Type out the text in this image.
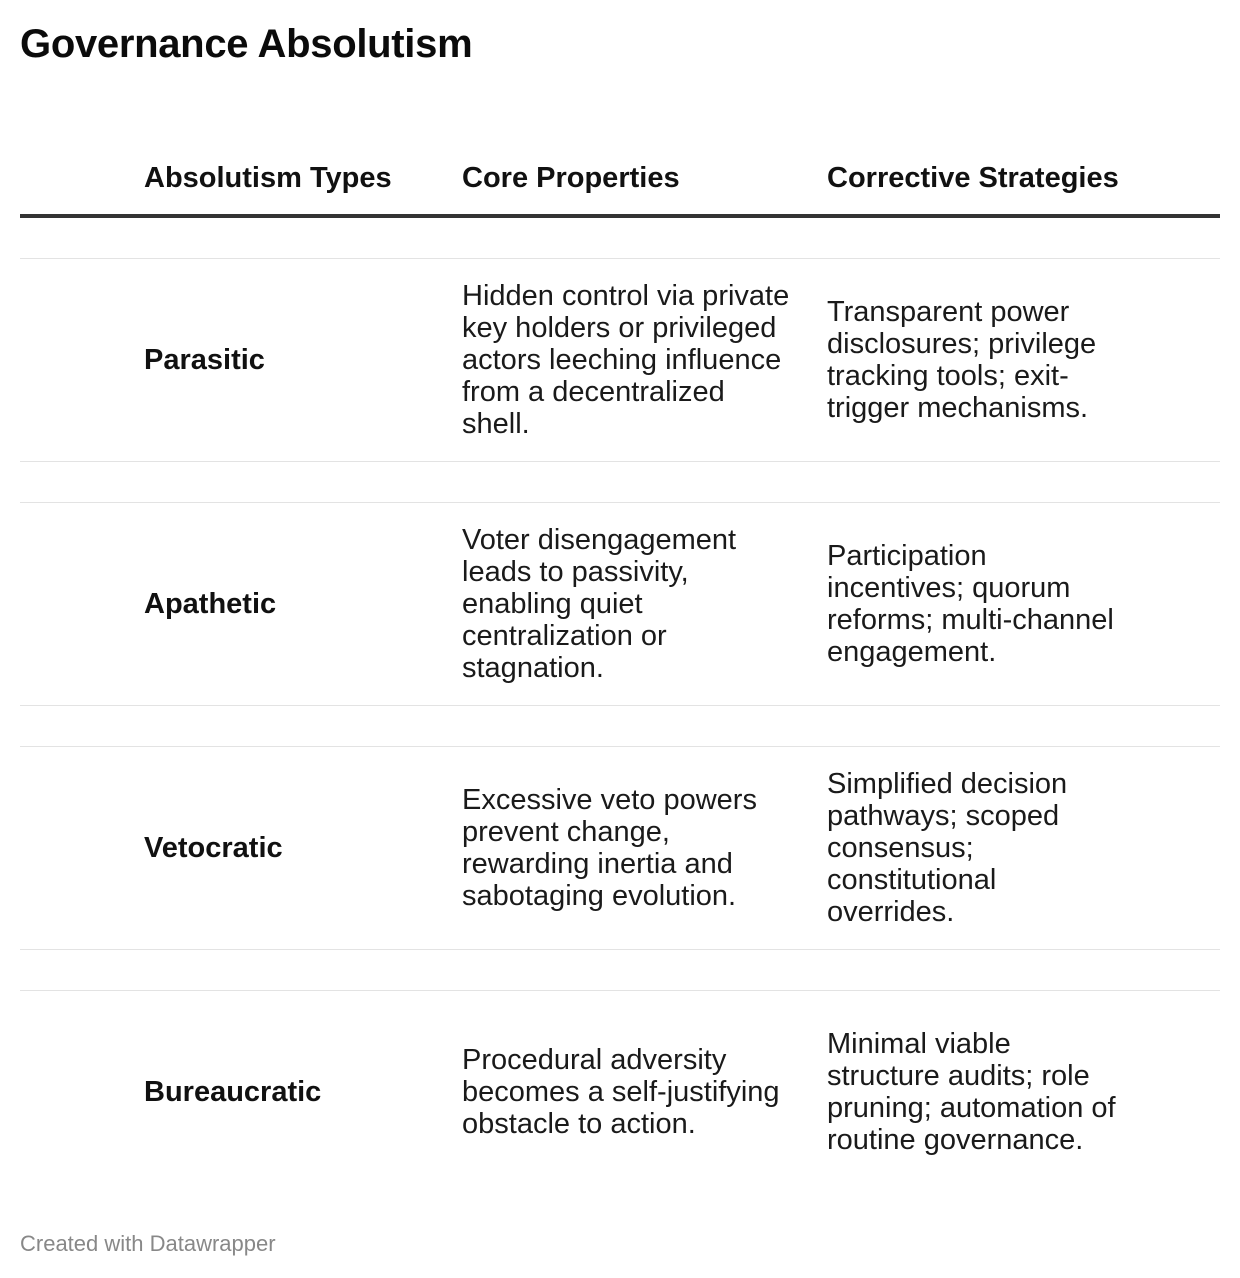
Governance Absolutism
Absolutism Types	Core Properties	Corrective Strategies
Parasitic
Hidden control via private key holders or privileged actors leeching influence from a decentralized shell.
Transparent power disclosures; privilege tracking tools; exit-trigger mechanisms.
Apathetic
Voter disengagement leads to passivity, enabling quiet centralization or stagnation.
Participation incentives; quorum reforms; multi-channel engagement.
Vetocratic
Excessive veto powers prevent change, rewarding inertia and sabotaging evolution.
Simplified decision pathways; scoped consensus; constitutional overrides.
Bureaucratic
Procedural adversity becomes a self-justifying obstacle to action.
Minimal viable structure audits; role pruning; automation of routine governance.
Created with Datawrapper
